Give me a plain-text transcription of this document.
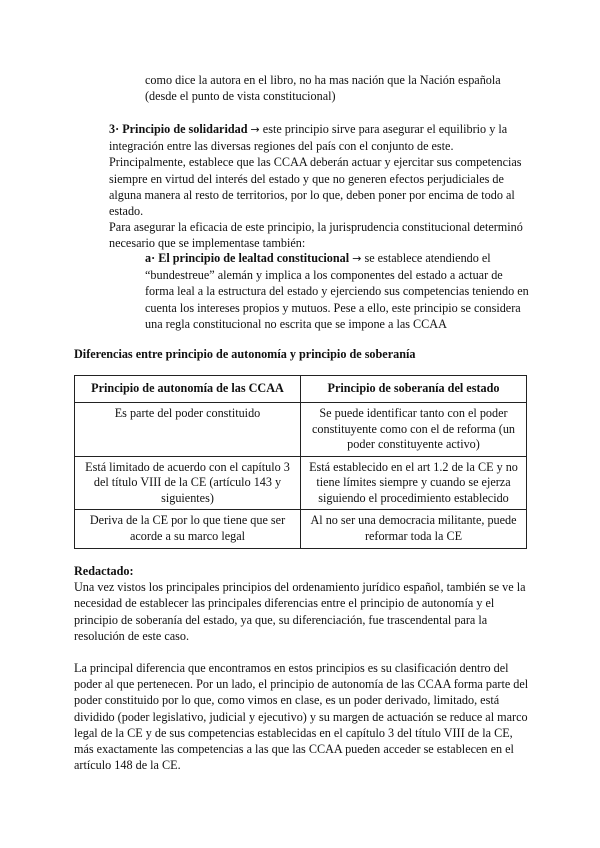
como dice la autora en el libro, no ha mas nación que la Nación española (desde el punto de vista constitucional)

3· Principio de solidaridad → este principio sirve para asegurar el equilibrio y la integración entre las diversas regiones del país con el conjunto de este.

Principalmente, establece que las CCAA deberán actuar y ejercitar sus competencias siempre en virtud del interés del estado y que no generen efectos perjudiciales de alguna manera al resto de territorios, por lo que, deben poner por encima de todo al estado.

Para asegurar la eficacia de este principio, la jurisprudencia constitucional determinó necesario que se implementase también:

a· El principio de lealtad constitucional → se establece atendiendo el “bundestreue” alemán y implica a los componentes del estado a actuar de forma leal a la estructura del estado y ejerciendo sus competencias teniendo en cuenta los intereses propios y mutuos. Pese a ello, este principio se considera una regla constitucional no escrita que se impone a las CCAA

Diferencias entre principio de autonomía y principio de soberanía

Principio de autonomía de las CCAA	Principio de soberanía del estado
Es parte del poder constituido	Se puede identificar tanto con el poder constituyente como con el de reforma (un poder constituyente activo)
Está limitado de acuerdo con el capítulo 3 del título VIII de la CE (artículo 143 y siguientes)	Está establecido en el art 1.2 de la CE y no tiene límites siempre y cuando se ejerza siguiendo el procedimiento establecido
Deriva de la CE por lo que tiene que ser acorde a su marco legal	Al no ser una democracia militante, puede reformar toda la CE

Redactado:

Una vez vistos los principales principios del ordenamiento jurídico español, también se ve la necesidad de establecer las principales diferencias entre el principio de autonomía y el principio de soberanía del estado, ya que, su diferenciación, fue trascendental para la resolución de este caso.

La principal diferencia que encontramos en estos principios es su clasificación dentro del poder al que pertenecen. Por un lado, el principio de autonomía de las CCAA forma parte del poder constituido por lo que, como vimos en clase, es un poder derivado, limitado, está dividido (poder legislativo, judicial y ejecutivo) y su margen de actuación se reduce al marco legal de la CE y de sus competencias establecidas en el capítulo 3 del título VIII de la CE, más exactamente las competencias a las que las CCAA pueden acceder se establecen en el artículo 148 de la CE.
